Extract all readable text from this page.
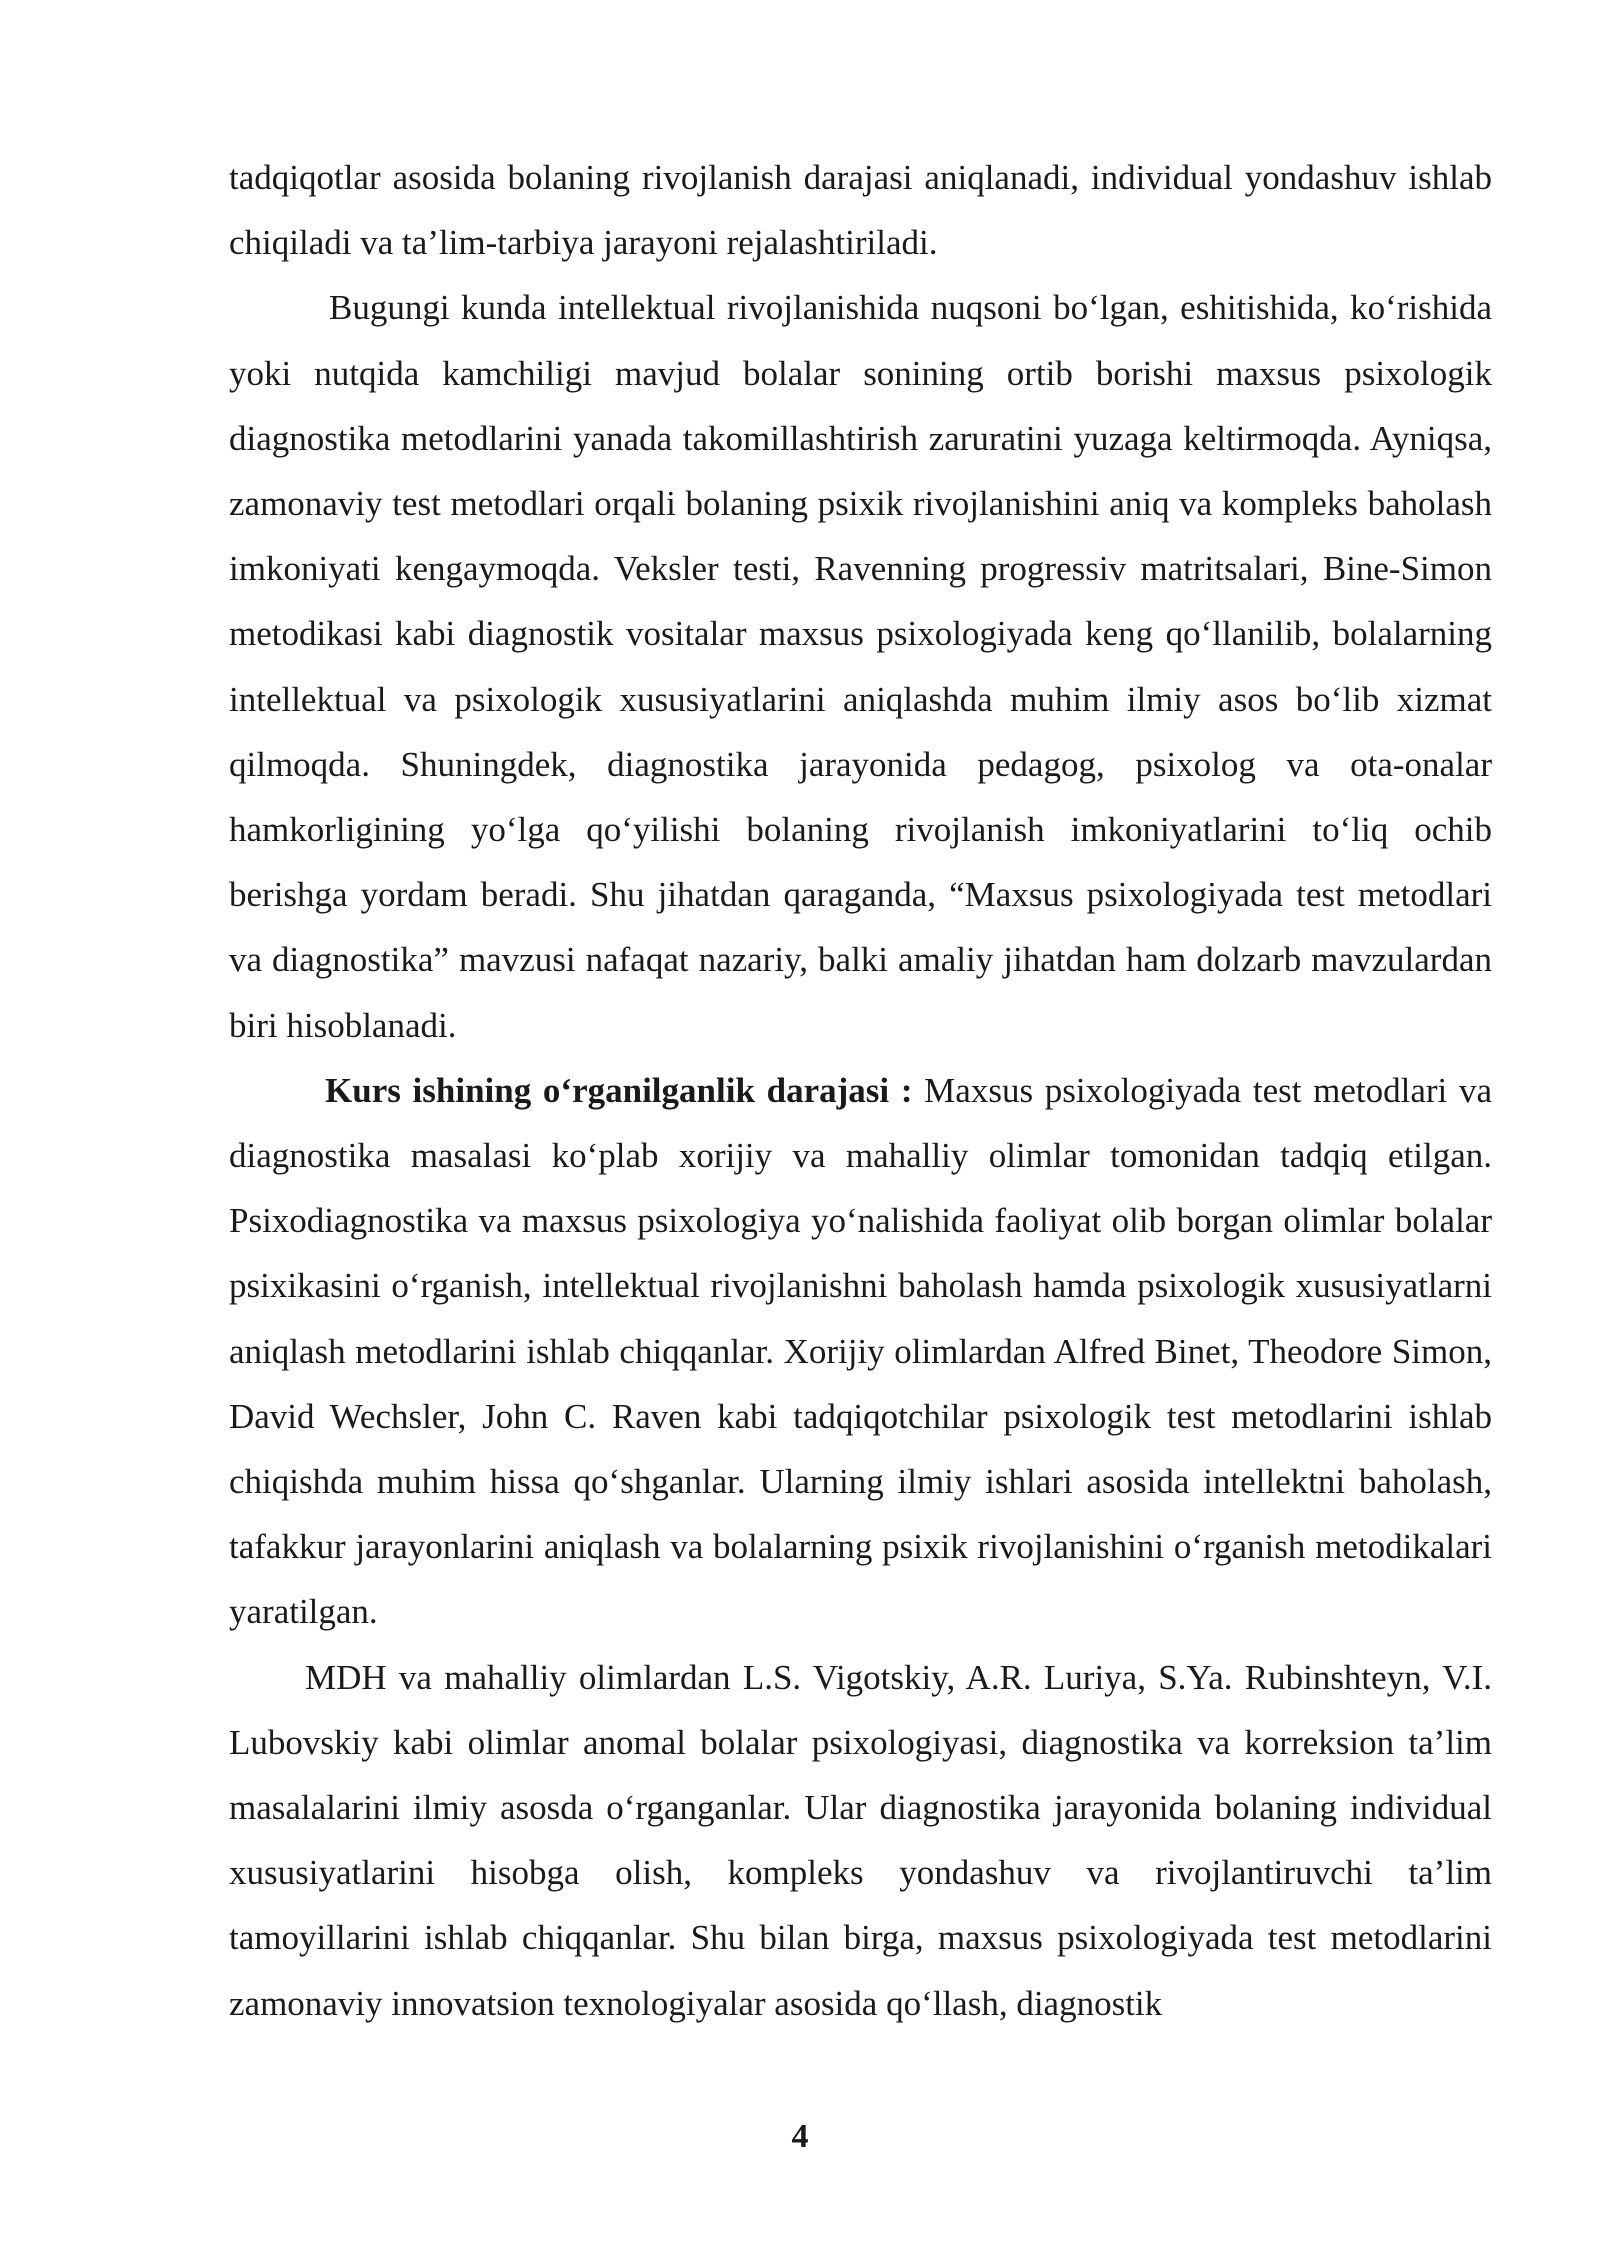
tadqiqotlar asosida bolaning rivojlanish darajasi aniqlanadi, individual yondashuv ishlab chiqiladi va ta’lim-tarbiya jarayoni rejalashtiriladi.

Bugungi kunda intellektual rivojlanishida nuqsoni bo‘lgan, eshitishida, ko‘rishida yoki nutqida kamchiligi mavjud bolalar sonining ortib borishi maxsus psixologik diagnostika metodlarini yanada takomillashtirish zaruratini yuzaga keltirmoqda. Ayniqsa, zamonaviy test metodlari orqali bolaning psixik rivojlanishini aniq va kompleks baholash imkoniyati kengaymoqda. Veksler testi, Ravenning progressiv matritsalari, Bine-Simon metodikasi kabi diagnostik vositalar maxsus psixologiyada keng qo‘llanilib, bolalarning intellektual va psixologik xususiyatlarini aniqlashda muhim ilmiy asos bo‘lib xizmat qilmoqda. Shuningdek, diagnostika jarayonida pedagog, psixolog va ota-onalar hamkorligining yo‘lga qo‘yilishi bolaning rivojlanish imkoniyatlarini to‘liq ochib berishga yordam beradi. Shu jihatdan qaraganda, “Maxsus psixologiyada test metodlari va diagnostika” mavzusi nafaqat nazariy, balki amaliy jihatdan ham dolzarb mavzulardan biri hisoblanadi.

Kurs ishining o‘rganilganlik darajasi : Maxsus psixologiyada test metodlari va diagnostika masalasi ko‘plab xorijiy va mahalliy olimlar tomonidan tadqiq etilgan. Psixodiagnostika va maxsus psixologiya yo‘nalishida faoliyat olib borgan olimlar bolalar psixikasini o‘rganish, intellektual rivojlanishni baholash hamda psixologik xususiyatlarni aniqlash metodlarini ishlab chiqqanlar. Xorijiy olimlardan Alfred Binet, Theodore Simon, David Wechsler, John C. Raven kabi tadqiqotchilar psixologik test metodlarini ishlab chiqishda muhim hissa qo‘shganlar. Ularning ilmiy ishlari asosida intellektni baholash, tafakkur jarayonlarini aniqlash va bolalarning psixik rivojlanishini o‘rganish metodikalari yaratilgan.

MDH va mahalliy olimlardan L.S. Vigotskiy, A.R. Luriya, S.Ya. Rubinshteyn, V.I. Lubovskiy kabi olimlar anomal bolalar psixologiyasi, diagnostika va korreksion ta’lim masalalarini ilmiy asosda o‘rganganlar. Ular diagnostika jarayonida bolaning individual xususiyatlarini hisobga olish, kompleks yondashuv va rivojlantiruvchi ta’lim tamoyillarini ishlab chiqqanlar. Shu bilan birga, maxsus psixologiyada test metodlarini zamonaviy innovatsion texnologiyalar asosida qo‘llash, diagnostik

4
